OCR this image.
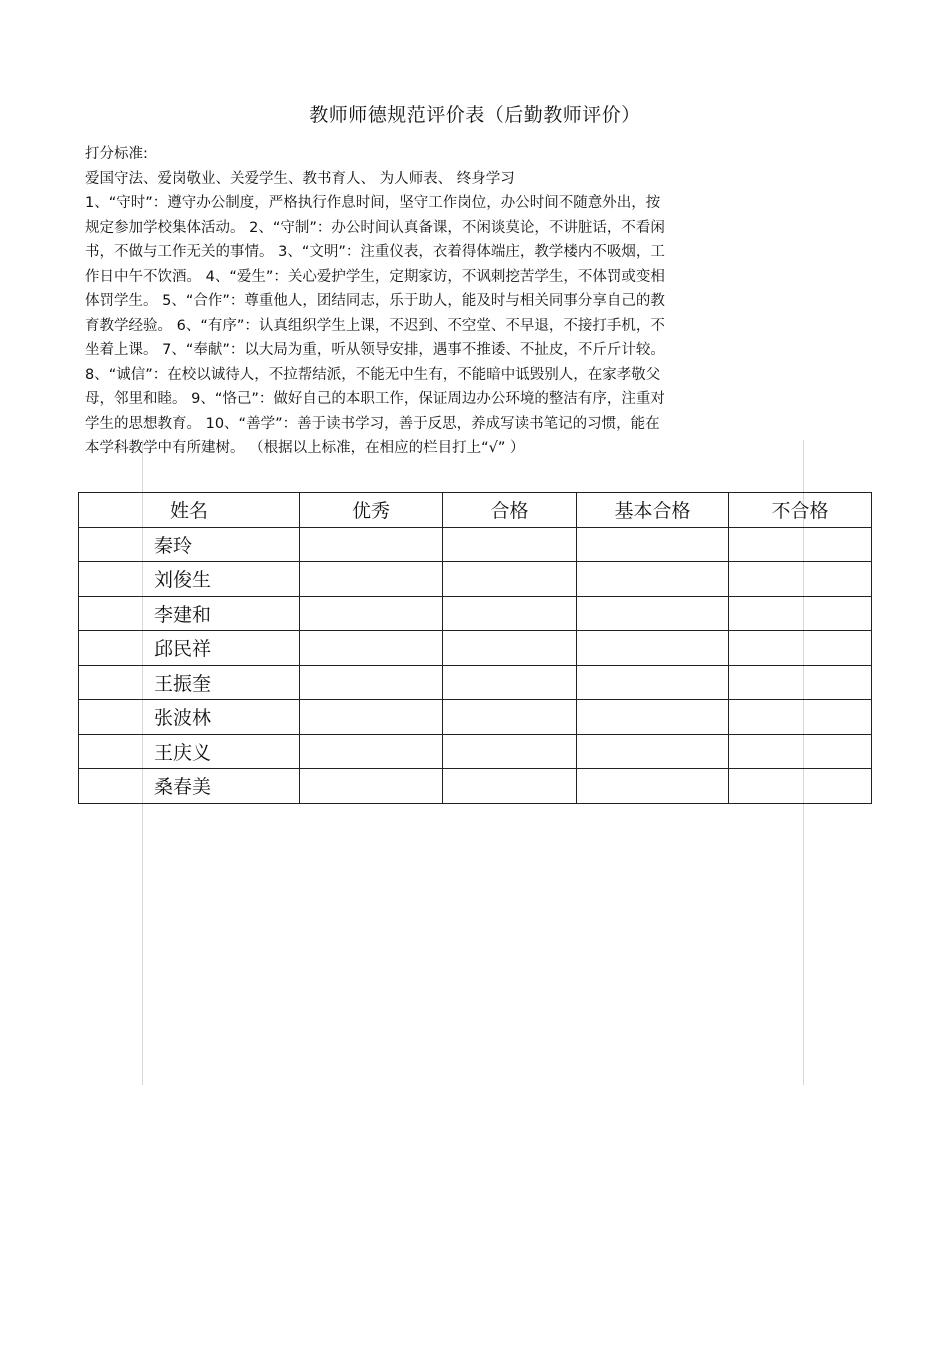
教师师德规范评价表（后勤教师评价）
打分标准:
爱国守法、爱岗敬业、关爱学生、教书育人、 为人师表、 终身学习
1、“守时”：遵守办公制度，严格执行作息时间，坚守工作岗位，办公时间不随意外出，按
规定参加学校集体活动。 2、“守制”：办公时间认真备课，不闲谈莫论，不讲脏话，不看闲
书，不做与工作无关的事情。 3、“文明”：注重仪表，衣着得体端庄，教学楼内不吸烟，工
作日中午不饮酒。 4、“爱生”：关心爱护学生，定期家访，不讽刺挖苦学生，不体罚或变相
体罚学生。 5、“合作”：尊重他人，团结同志，乐于助人，能及时与相关同事分享自己的教
育教学经验。 6、“有序”：认真组织学生上课，不迟到、不空堂、不早退，不接打手机，不
坐着上课。 7、“奉献”：以大局为重，听从领导安排，遇事不推诿、不扯皮，不斤斤计较。
8、“诚信”：在校以诚待人，不拉帮结派，不能无中生有，不能暗中诋毁别人，在家孝敬父
母，邻里和睦。 9、“恪己”：做好自己的本职工作，保证周边办公环境的整洁有序，注重对
学生的思想教育。 10、“善学”：善于读书学习，善于反思，养成写读书笔记的习惯，能在
本学科教学中有所建树。 （根据以上标准，在相应的栏目打上“√” ）
姓名	优秀	合格	基本合格	不合格
秦玲				
刘俊生				
李建和				
邱民祥				
王振奎				
张波林				
王庆义				
桑春美				
